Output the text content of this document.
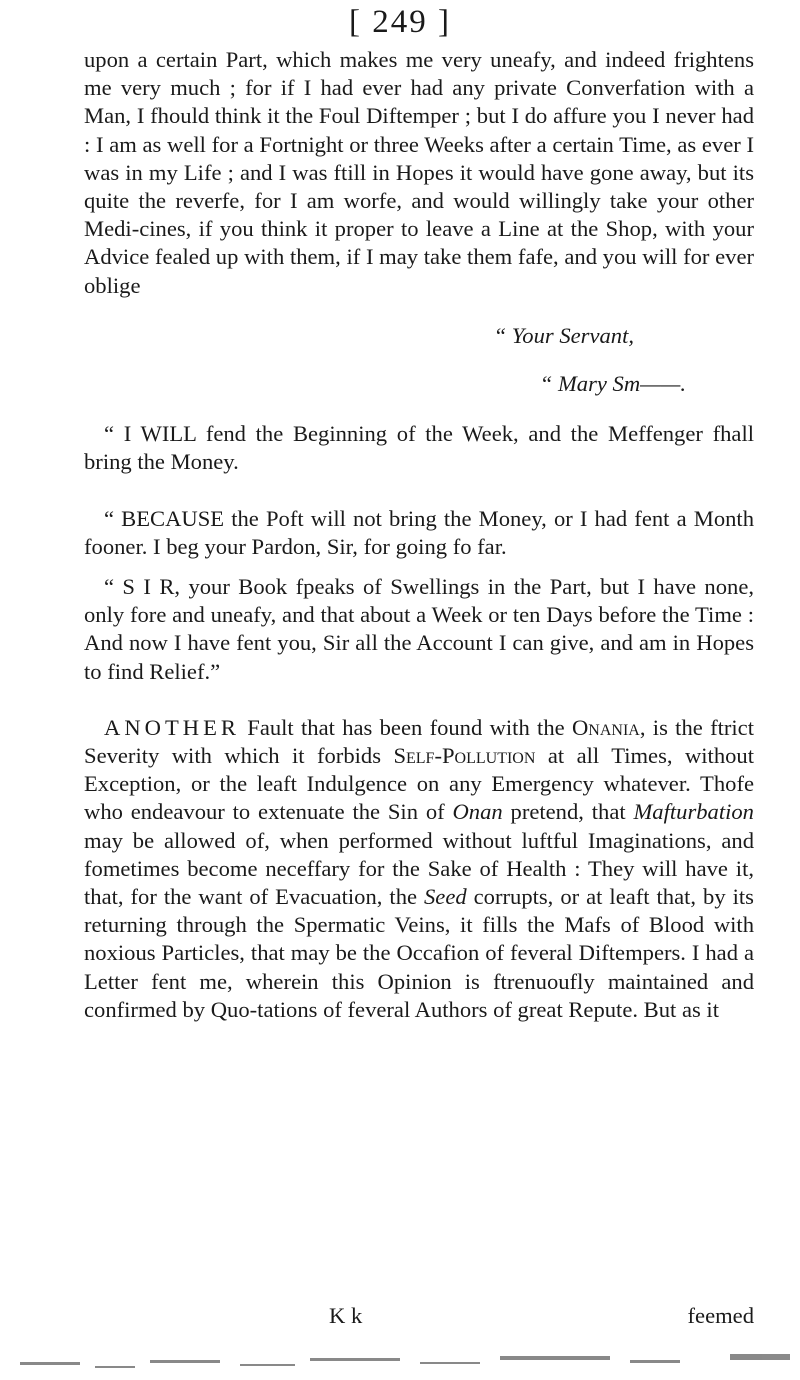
[ 249 ]

upon a certain Part, which makes me very uneafy, and indeed frightens me very much ; for if I had ever had any private Converfation with a Man, I fhould think it the Foul Diftemper ; but I do affure you I never had : I am as well for a Fortnight or three Weeks after a certain Time, as ever I was in my Life ; and I was ftill in Hopes it would have gone away, but its quite the reverfe, for I am worfe, and would willingly take your other Medi-cines, if you think it proper to leave a Line at the Shop, with your Advice fealed up with them, if I may take them fafe, and you will for ever oblige

“ Your Servant,

“ Mary Sm——.

“ I WILL fend the Beginning of the Week, and the Meffenger fhall bring the Money.

“ BECAUSE the Poft will not bring the Money, or I had fent a Month fooner. I beg your Pardon, Sir, for going fo far.

“ S I R, your Book fpeaks of Swellings in the Part, but I have none, only fore and uneafy, and that about a Week or ten Days before the Time : And now I have fent you, Sir all the Account I can give, and am in Hopes to find Relief.”

ANOTHER Fault that has been found with the Onania, is the ftrict Severity with which it forbids Self-Pollution at all Times, without Exception, or the leaft Indulgence on any Emergency whatever. Thofe who endeavour to extenuate the Sin of Onan pretend, that Mafturbation may be allowed of, when performed without luftful Imaginations, and fometimes become neceffary for the Sake of Health : They will have it, that, for the want of Evacuation, the Seed corrupts, or at leaft that, by its returning through the Spermatic Veins, it fills the Mafs of Blood with noxious Particles, that may be the Occafion of feveral Diftempers. I had a Letter fent me, wherein this Opinion is ftrenuoufly maintained and confirmed by Quo-tations of feveral Authors of great Repute. But as it

K k	feemed
